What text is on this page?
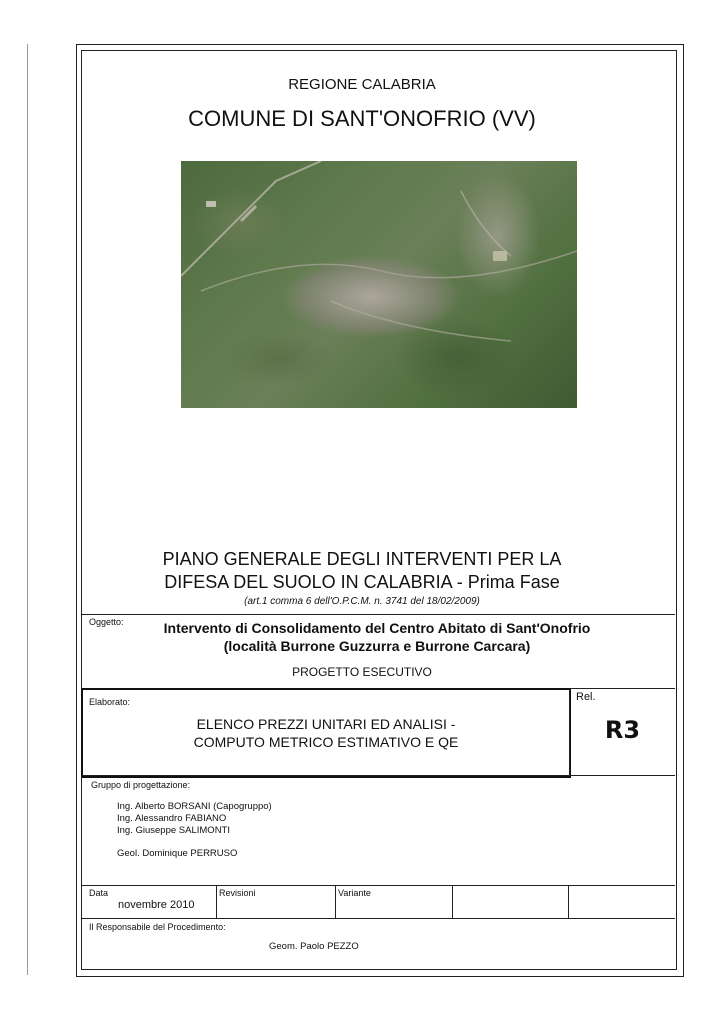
REGIONE CALABRIA
COMUNE DI SANT'ONOFRIO (VV)
PIANO GENERALE DEGLI INTERVENTI PER LA
DIFESA DEL SUOLO IN CALABRIA - Prima Fase
(art.1 comma 6 dell'O.P.C.M. n. 3741 del 18/02/2009)
Oggetto:	Intervento di Consolidamento del Centro Abitato di Sant'Onofrio
(località Burrone Guzzurra e Burrone Carcara)
PROGETTO ESECUTIVO
Elaborato:
ELENCO PREZZI UNITARI ED ANALISI -
COMPUTO METRICO ESTIMATIVO E QE
Rel.
R3
Gruppo di progettazione:
Ing. Alberto BORSANI (Capogruppo)
Ing. Alessandro FABIANO
Ing. Giuseppe SALIMONTI
Geol. Dominique PERRUSO
Data
novembre 2010
Revisioni	Variante
Il Responsabile del Procedimento:
Geom. Paolo PEZZO
